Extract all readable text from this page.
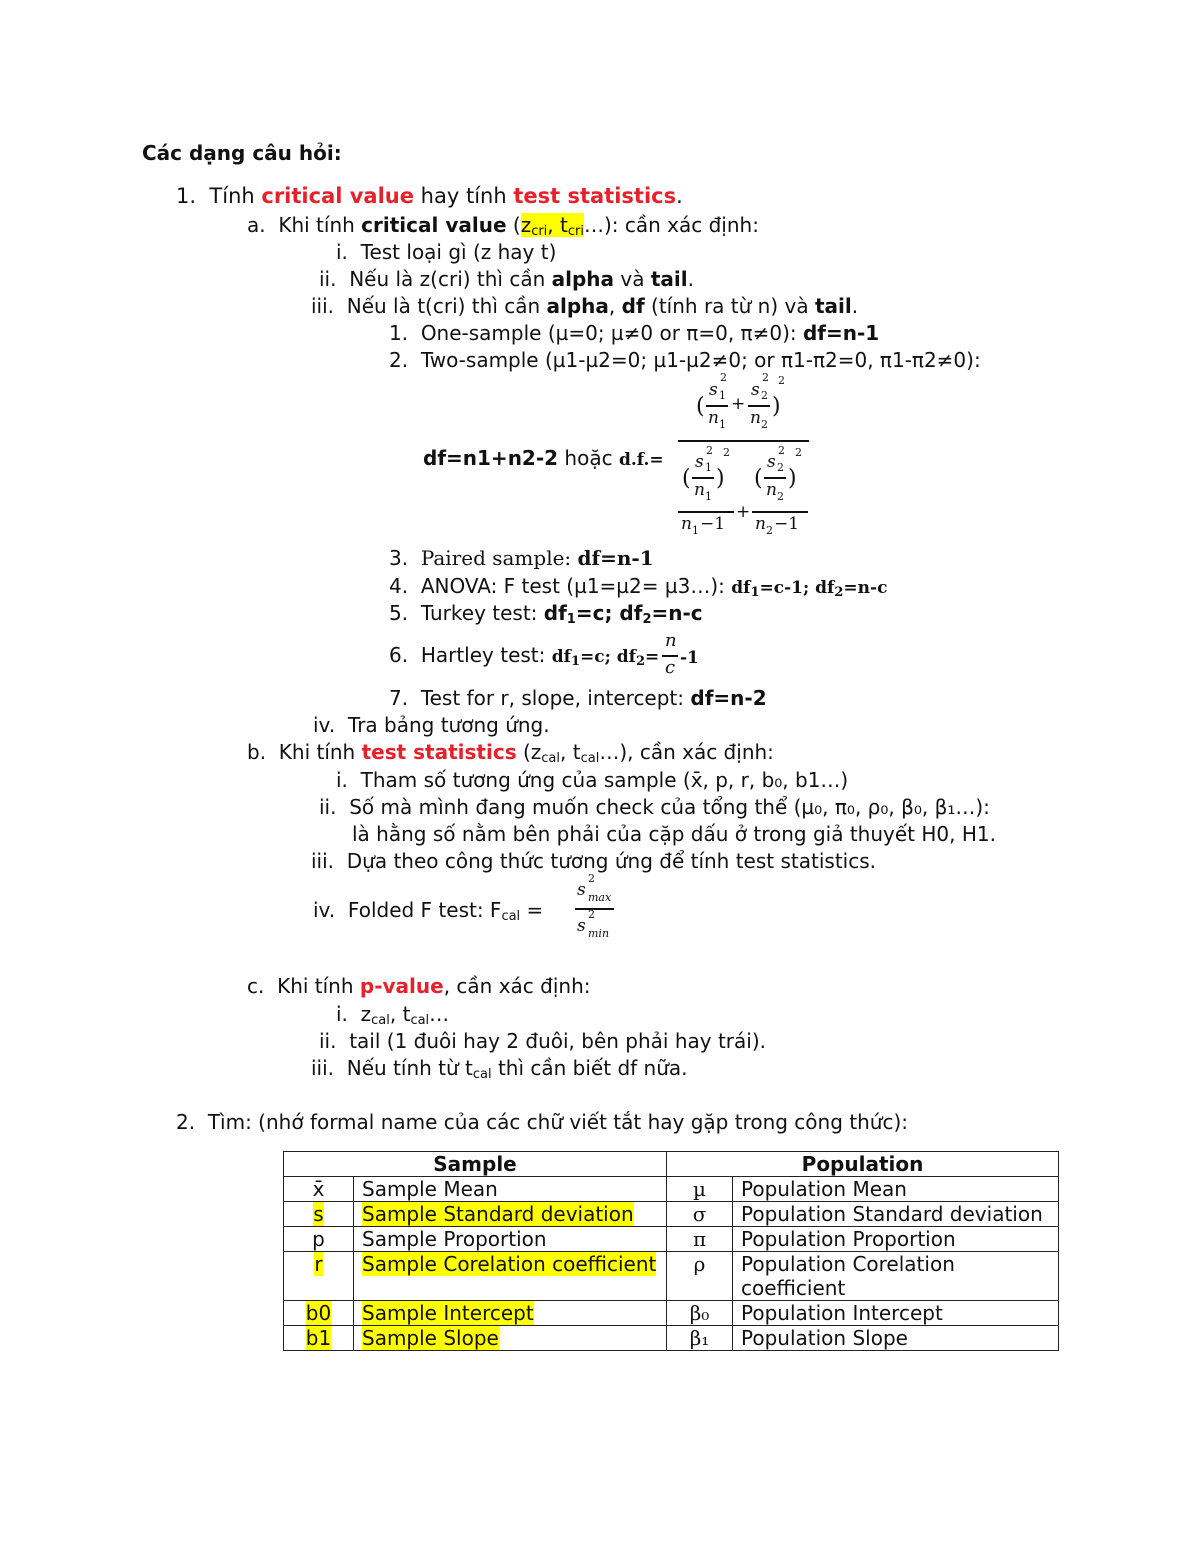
Các dạng câu hỏi:
1. Tính critical value hay tính test statistics.
a. Khi tính critical value ($z_{cri}$, $t_{cri}\dots$): cần xác định:
i. Test loại gì (z hay t)
ii. Nếu là z(cri) thì cần alpha và tail.
iii. Nếu là t(cri) thì cần alpha, df (tính ra từ n) và tail.
1. One-sample (µ=0; µ≠0 or π=0, π≠0): df=n-1
2. Two-sample (µ1-µ2=0; µ1-µ2≠0; or π1-π2=0, π1-π2≠0):
df=n1+n2-2 hoặc d.f.=
(
s
2
1
n 1
+
s
2
2
n 2
)
2
(
s
2
1
n 1
)
2
n 1 −1
+
(
s
2
2
n 2
)
2
n 2 −1
3. Paired sample: df=n-1
4. ANOVA: F test (µ1=µ2= µ3…): $df_1=c-1$; $df_2=n-c$
5. Turkey test: $df_1=c$; $df_2=n-c$
6. Hartley test: $df_1=c$; $df_2=$
n
c -1
7. Test for r, slope, intercept: df=n-2
iv. Tra bảng tương ứng.
b. Khi tính test statistics ($z_{cal}$, $t_{cal}\dots$), cần xác định:
i. Tham số tương ứng của sample (x̄, p, r, b₀, b1…)
ii. Số mà mình đang muốn check của tổng thể (µ₀, π₀, ρ₀, β₀, β₁…):
là hằng số nằm bên phải của cặp dấu ở trong giả thuyết H0, H1.
iii. Dựa theo công thức tương ứng để tính test statistics.
iv. Folded F test: $F_{cal}$ =
s
2
max
s
2
min
c. Khi tính p-value, cần xác định:
i. $z_{cal}$, $t_{cal}\dots$
ii. tail (1 đuôi hay 2 đuôi, bên phải hay trái).
iii. Nếu tính từ $t_{cal}$ thì cần biết df nữa.
2. Tìm: (nhớ formal name của các chữ viết tắt hay gặp trong công thức):
Sample		Population	
x̄	Sample Mean	µ	Population Mean
s	Sample Standard deviation	σ	Population Standard deviation
p	Sample Proportion	π	Population Proportion
r	Sample Corelation coefficient	ρ	Population Corelation coefficient
b0	Sample Intercept	β₀	Population Intercept
b1	Sample Slope	β₁	Population Slope
